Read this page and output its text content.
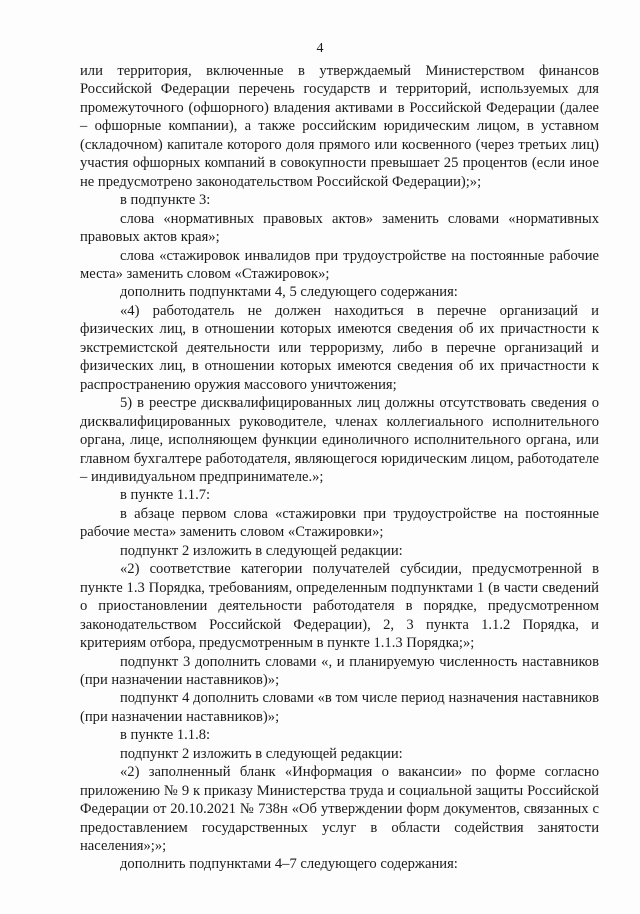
4

или территория, включенные в утверждаемый Министерством финансов Российской Федерации перечень государств и территорий, используемых для промежуточного (офшорного) владения активами в Российской Федерации (далее – офшорные компании), а также российским юридическим лицом, в уставном (складочном) капитале которого доля прямого или косвенного (через третьих лиц) участия офшорных компаний в совокупности превышает 25 процентов (если иное не предусмотрено законодательством Российской Федерации);»;

в подпункте 3:

слова «нормативных правовых актов» заменить словами «нормативных правовых актов края»;

слова «стажировок инвалидов при трудоустройстве на постоянные рабочие места» заменить словом «Стажировок»;

дополнить подпунктами 4, 5 следующего содержания:

«4) работодатель не должен находиться в перечне организаций и физических лиц, в отношении которых имеются сведения об их причастности к экстремистской деятельности или терроризму, либо в перечне организаций и физических лиц, в отношении которых имеются сведения об их причастности к распространению оружия массового уничтожения;

5) в реестре дисквалифицированных лиц должны отсутствовать сведения о дисквалифицированных руководителе, членах коллегиального исполнительного органа, лице, исполняющем функции единоличного исполнительного органа, или главном бухгалтере работодателя, являющегося юридическим лицом, работодателе – индивидуальном предпринимателе.»;

в пункте 1.1.7:

в абзаце первом слова «стажировки при трудоустройстве на постоянные рабочие места» заменить словом «Стажировки»;

подпункт 2 изложить в следующей редакции:

«2) соответствие категории получателей субсидии, предусмотренной в пункте 1.3 Порядка, требованиям, определенным подпунктами 1 (в части сведений о приостановлении деятельности работодателя в порядке, предусмотренном законодательством Российской Федерации), 2, 3 пункта 1.1.2 Порядка, и критериям отбора, предусмотренным в пункте 1.1.3 Порядка;»;

подпункт 3 дополнить словами «, и планируемую численность наставников (при назначении наставников)»;

подпункт 4 дополнить словами «в том числе период назначения наставников (при назначении наставников)»;

в пункте 1.1.8:

подпункт 2 изложить в следующей редакции:

«2) заполненный бланк «Информация о вакансии» по форме согласно приложению № 9 к приказу Министерства труда и социальной защиты Российской Федерации от 20.10.2021 № 738н «Об утверждении форм документов, связанных с предоставлением государственных услуг в области содействия занятости населения»;»;

дополнить подпунктами 4–7 следующего содержания:
